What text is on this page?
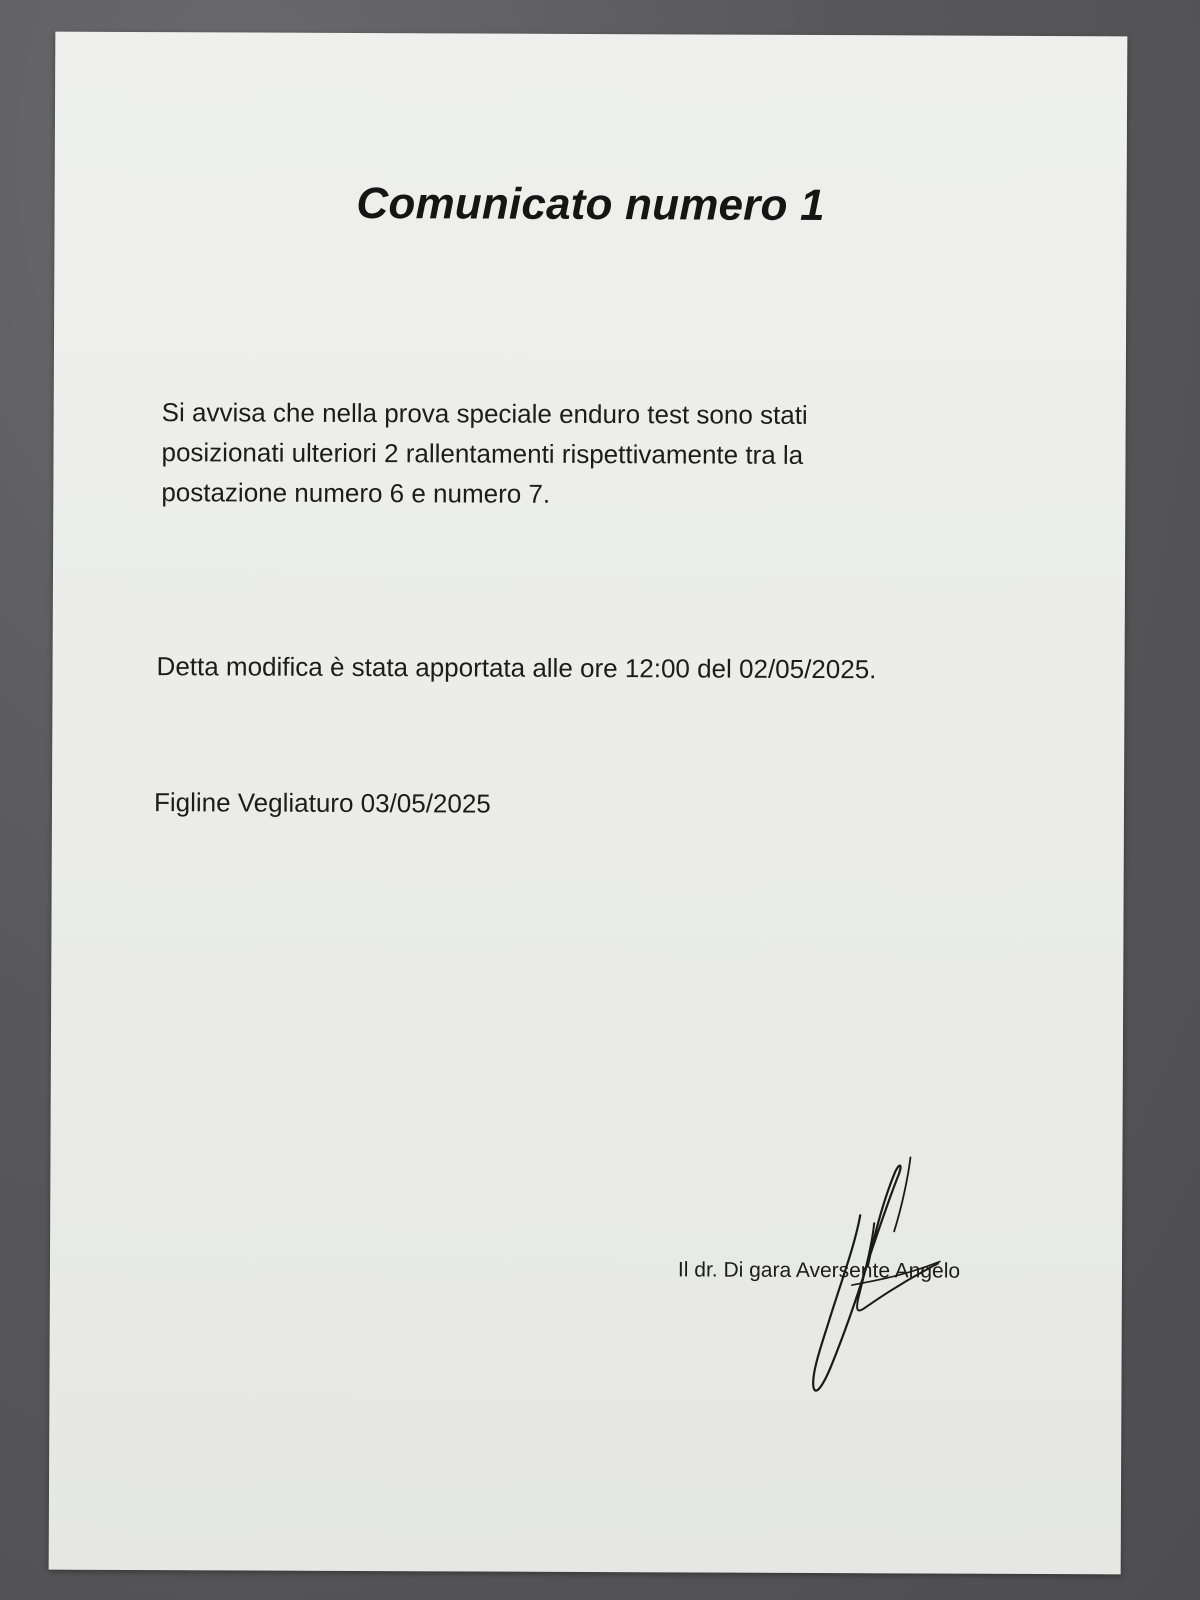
Comunicato numero 1
Si avvisa che nella prova speciale enduro test sono stati
posizionati ulteriori 2 rallentamenti rispettivamente tra la
postazione numero 6 e numero 7.
Detta modifica è stata apportata alle ore 12:00 del 02/05/2025.
Figline Vegliaturo 03/05/2025
Il dr. Di gara Aversente Angelo
